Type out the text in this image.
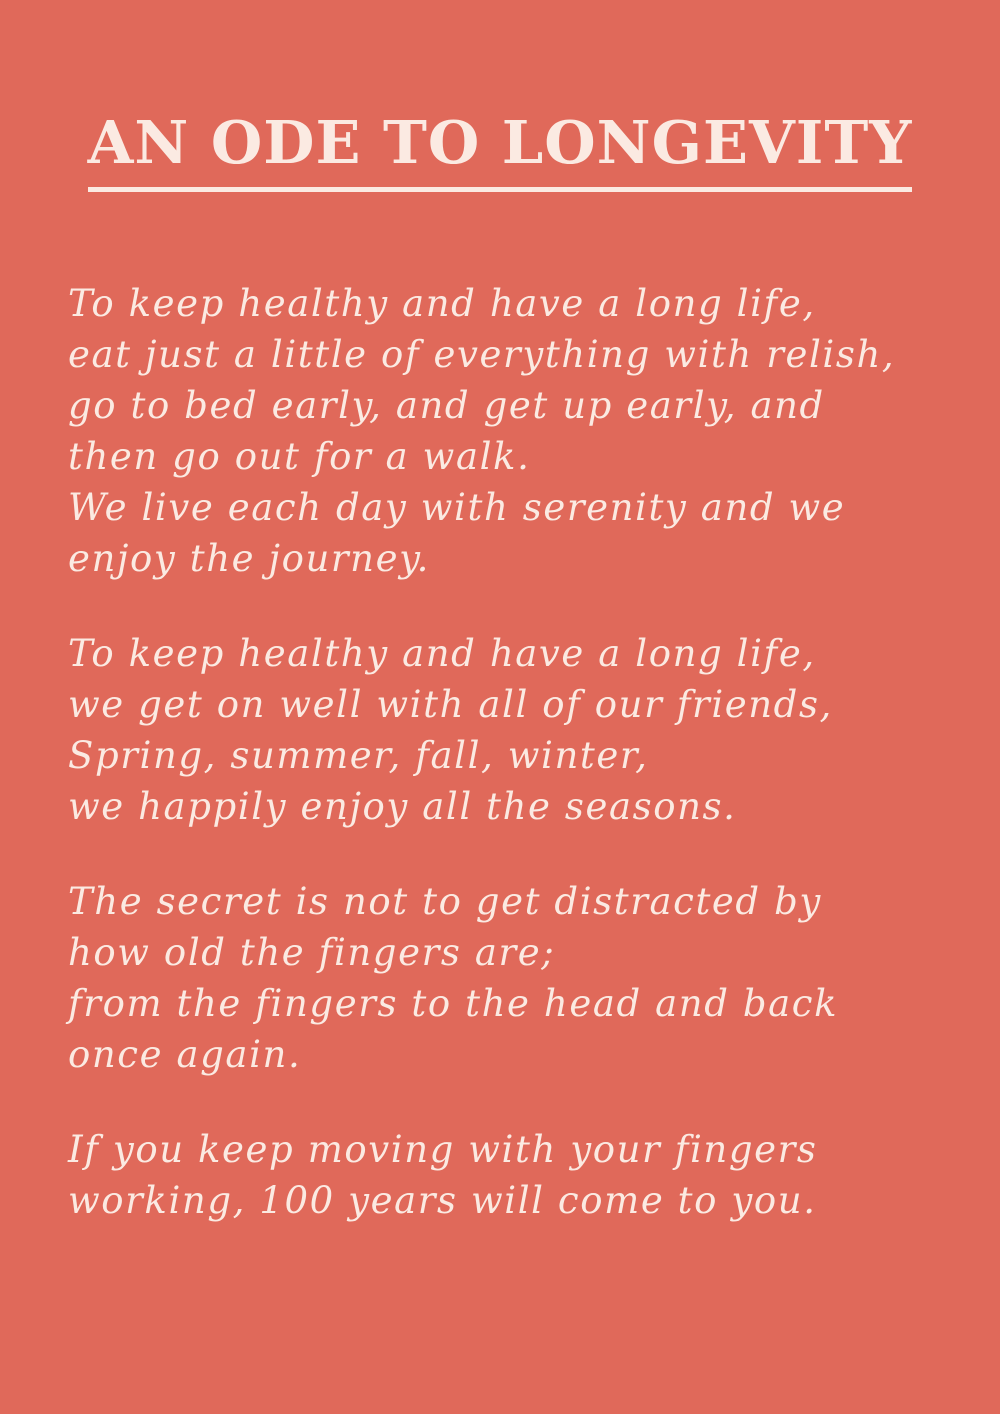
AN ODE TO LONGEVITY

To keep healthy and have a long life,
eat just a little of everything with relish,
go to bed early, and get up early, and
then go out for a walk.
We live each day with serenity and we
enjoy the journey.

To keep healthy and have a long life,
we get on well with all of our friends,
Spring, summer, fall, winter,
we happily enjoy all the seasons.

The secret is not to get distracted by
how old the fingers are;
from the fingers to the head and back
once again.

If you keep moving with your fingers
working, 100 years will come to you.
